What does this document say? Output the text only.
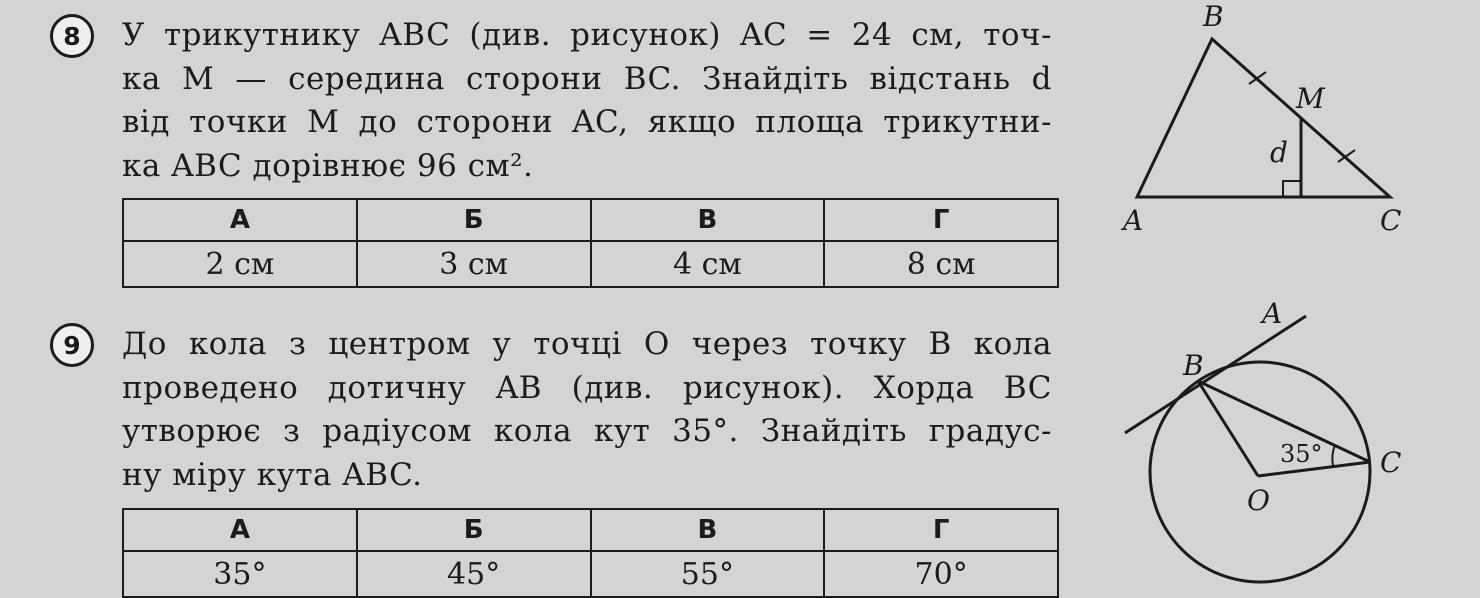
8	У трикутнику ABC (див. рисунок) AC = 24 см, точ-
ка M — середина сторони BC. Знайдіть відстань d
від точки M до сторони AC, якщо площа трикутни-
ка ABC дорівнює 96 см².
А	Б	В	Г
2 см	3 см	4 см	8 см
B
M
d
A	C
9	До кола з центром у точці O через точку B кола
проведено дотичну AB (див. рисунок). Хорда BC
утворює з радіусом кола кут 35°. Знайдіть градус-
ну міру кута ABC.
А	Б	В	Г
35°	45°	55°	70°
A
B
C
O
35°
